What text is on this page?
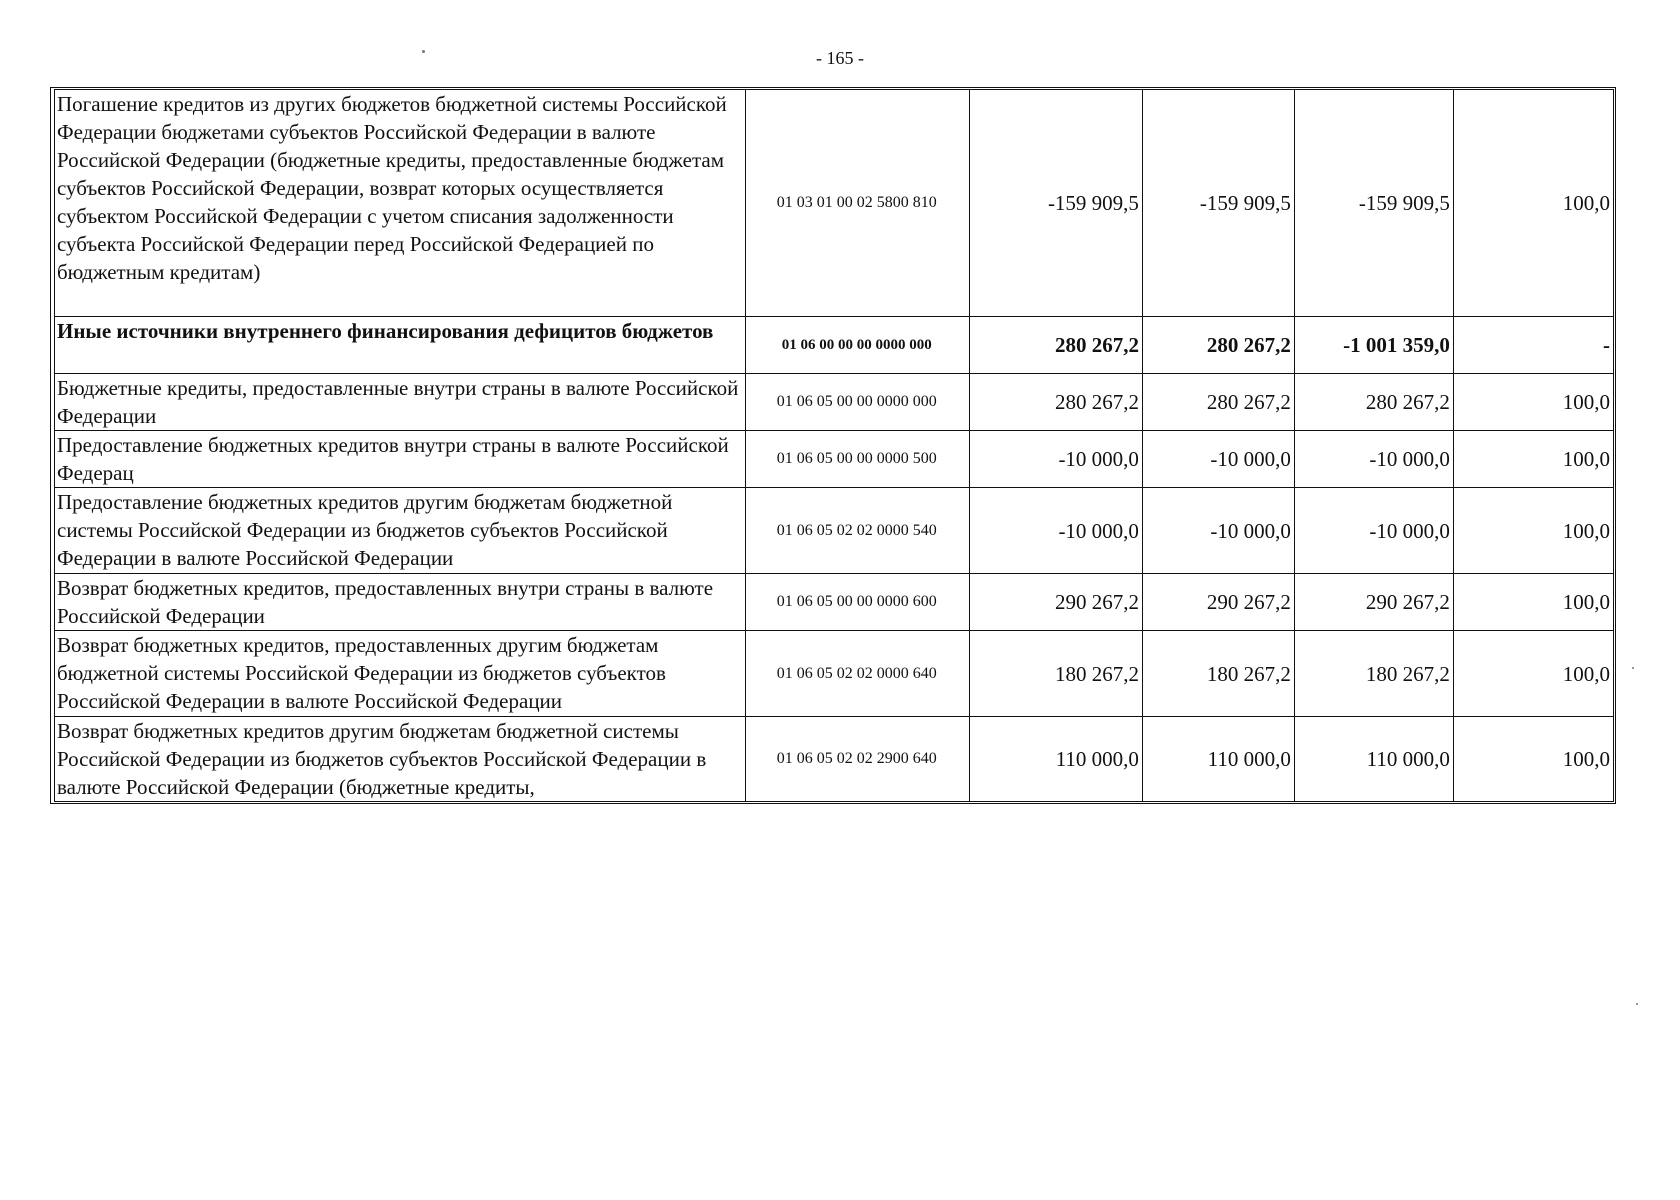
- 165 -
Погашение кредитов из других бюджетов бюджетной системы Российской Федерации бюджетами субъектов Российской Федерации в валюте Российской Федерации (бюджетные кредиты, предоставленные бюджетам субъектов Российской Федерации, возврат которых осуществляется субъектом Российской Федерации с учетом списания задолженности субъекта Российской Федерации перед Российской Федерацией по бюджетным кредитам)	01 03 01 00 02 5800 810	-159 909,5	-159 909,5	-159 909,5	100,0
Иные источники внутреннего финансирования дефицитов бюджетов	01 06 00 00 00 0000 000	280 267,2	280 267,2	-1 001 359,0	-
Бюджетные кредиты, предоставленные внутри страны в валюте Российской Федерации	01 06 05 00 00 0000 000	280 267,2	280 267,2	280 267,2	100,0
Предоставление бюджетных кредитов внутри страны в валюте Российской Федерац	01 06 05 00 00 0000 500	-10 000,0	-10 000,0	-10 000,0	100,0
Предоставление бюджетных кредитов другим бюджетам бюджетной системы Российской Федерации из бюджетов субъектов Российской Федерации в валюте Российской Федерации	01 06 05 02 02 0000 540	-10 000,0	-10 000,0	-10 000,0	100,0
Возврат бюджетных кредитов, предоставленных внутри страны в валюте Российской Федерации	01 06 05 00 00 0000 600	290 267,2	290 267,2	290 267,2	100,0
Возврат бюджетных кредитов, предоставленных другим бюджетам бюджетной системы Российской Федерации из бюджетов субъектов Российской Федерации в валюте Российской Федерации	01 06 05 02 02 0000 640	180 267,2	180 267,2	180 267,2	100,0
Возврат бюджетных кредитов другим бюджетам бюджетной системы Российской Федерации из бюджетов субъектов Российской Федерации в валюте Российской Федерации (бюджетные кредиты,	01 06 05 02 02 2900 640	110 000,0	110 000,0	110 000,0	100,0
